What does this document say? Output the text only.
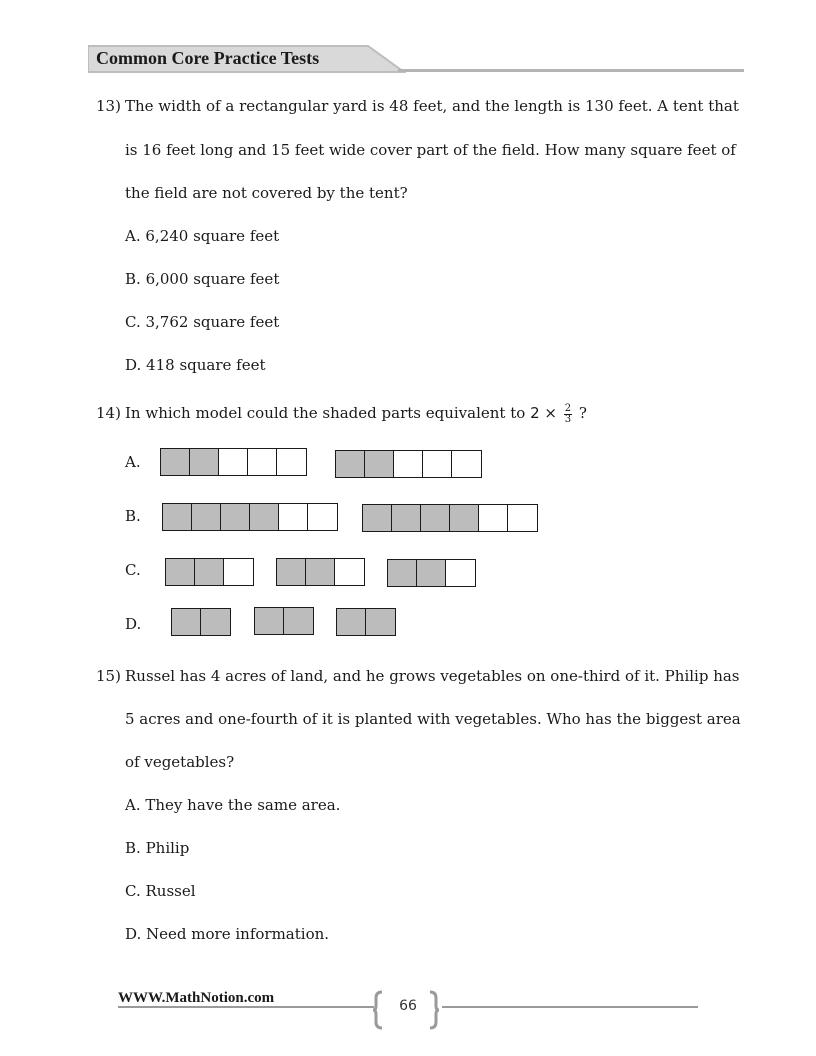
Common Core Practice Tests
13) The width of a rectangular yard is 48 feet, and the length is 130 feet. A tent that
is 16 feet long and 15 feet wide cover part of the field. How many square feet of
the field are not covered by the tent?
A. 6,240 square feet
B. 6,000 square feet
C. 3,762 square feet
D. 418 square feet
14) In which model could the shaded parts equivalent to $2 \times \frac{2}{3}$ ?
A.
B.
C.
D.
15) Russel has 4 acres of land, and he grows vegetables on one-third of it. Philip has
5 acres and one-fourth of it is planted with vegetables. Who has the biggest area
of vegetables?
A. They have the same area.
B. Philip
C. Russel
D. Need more information.
WWW.MathNotion.com	66
